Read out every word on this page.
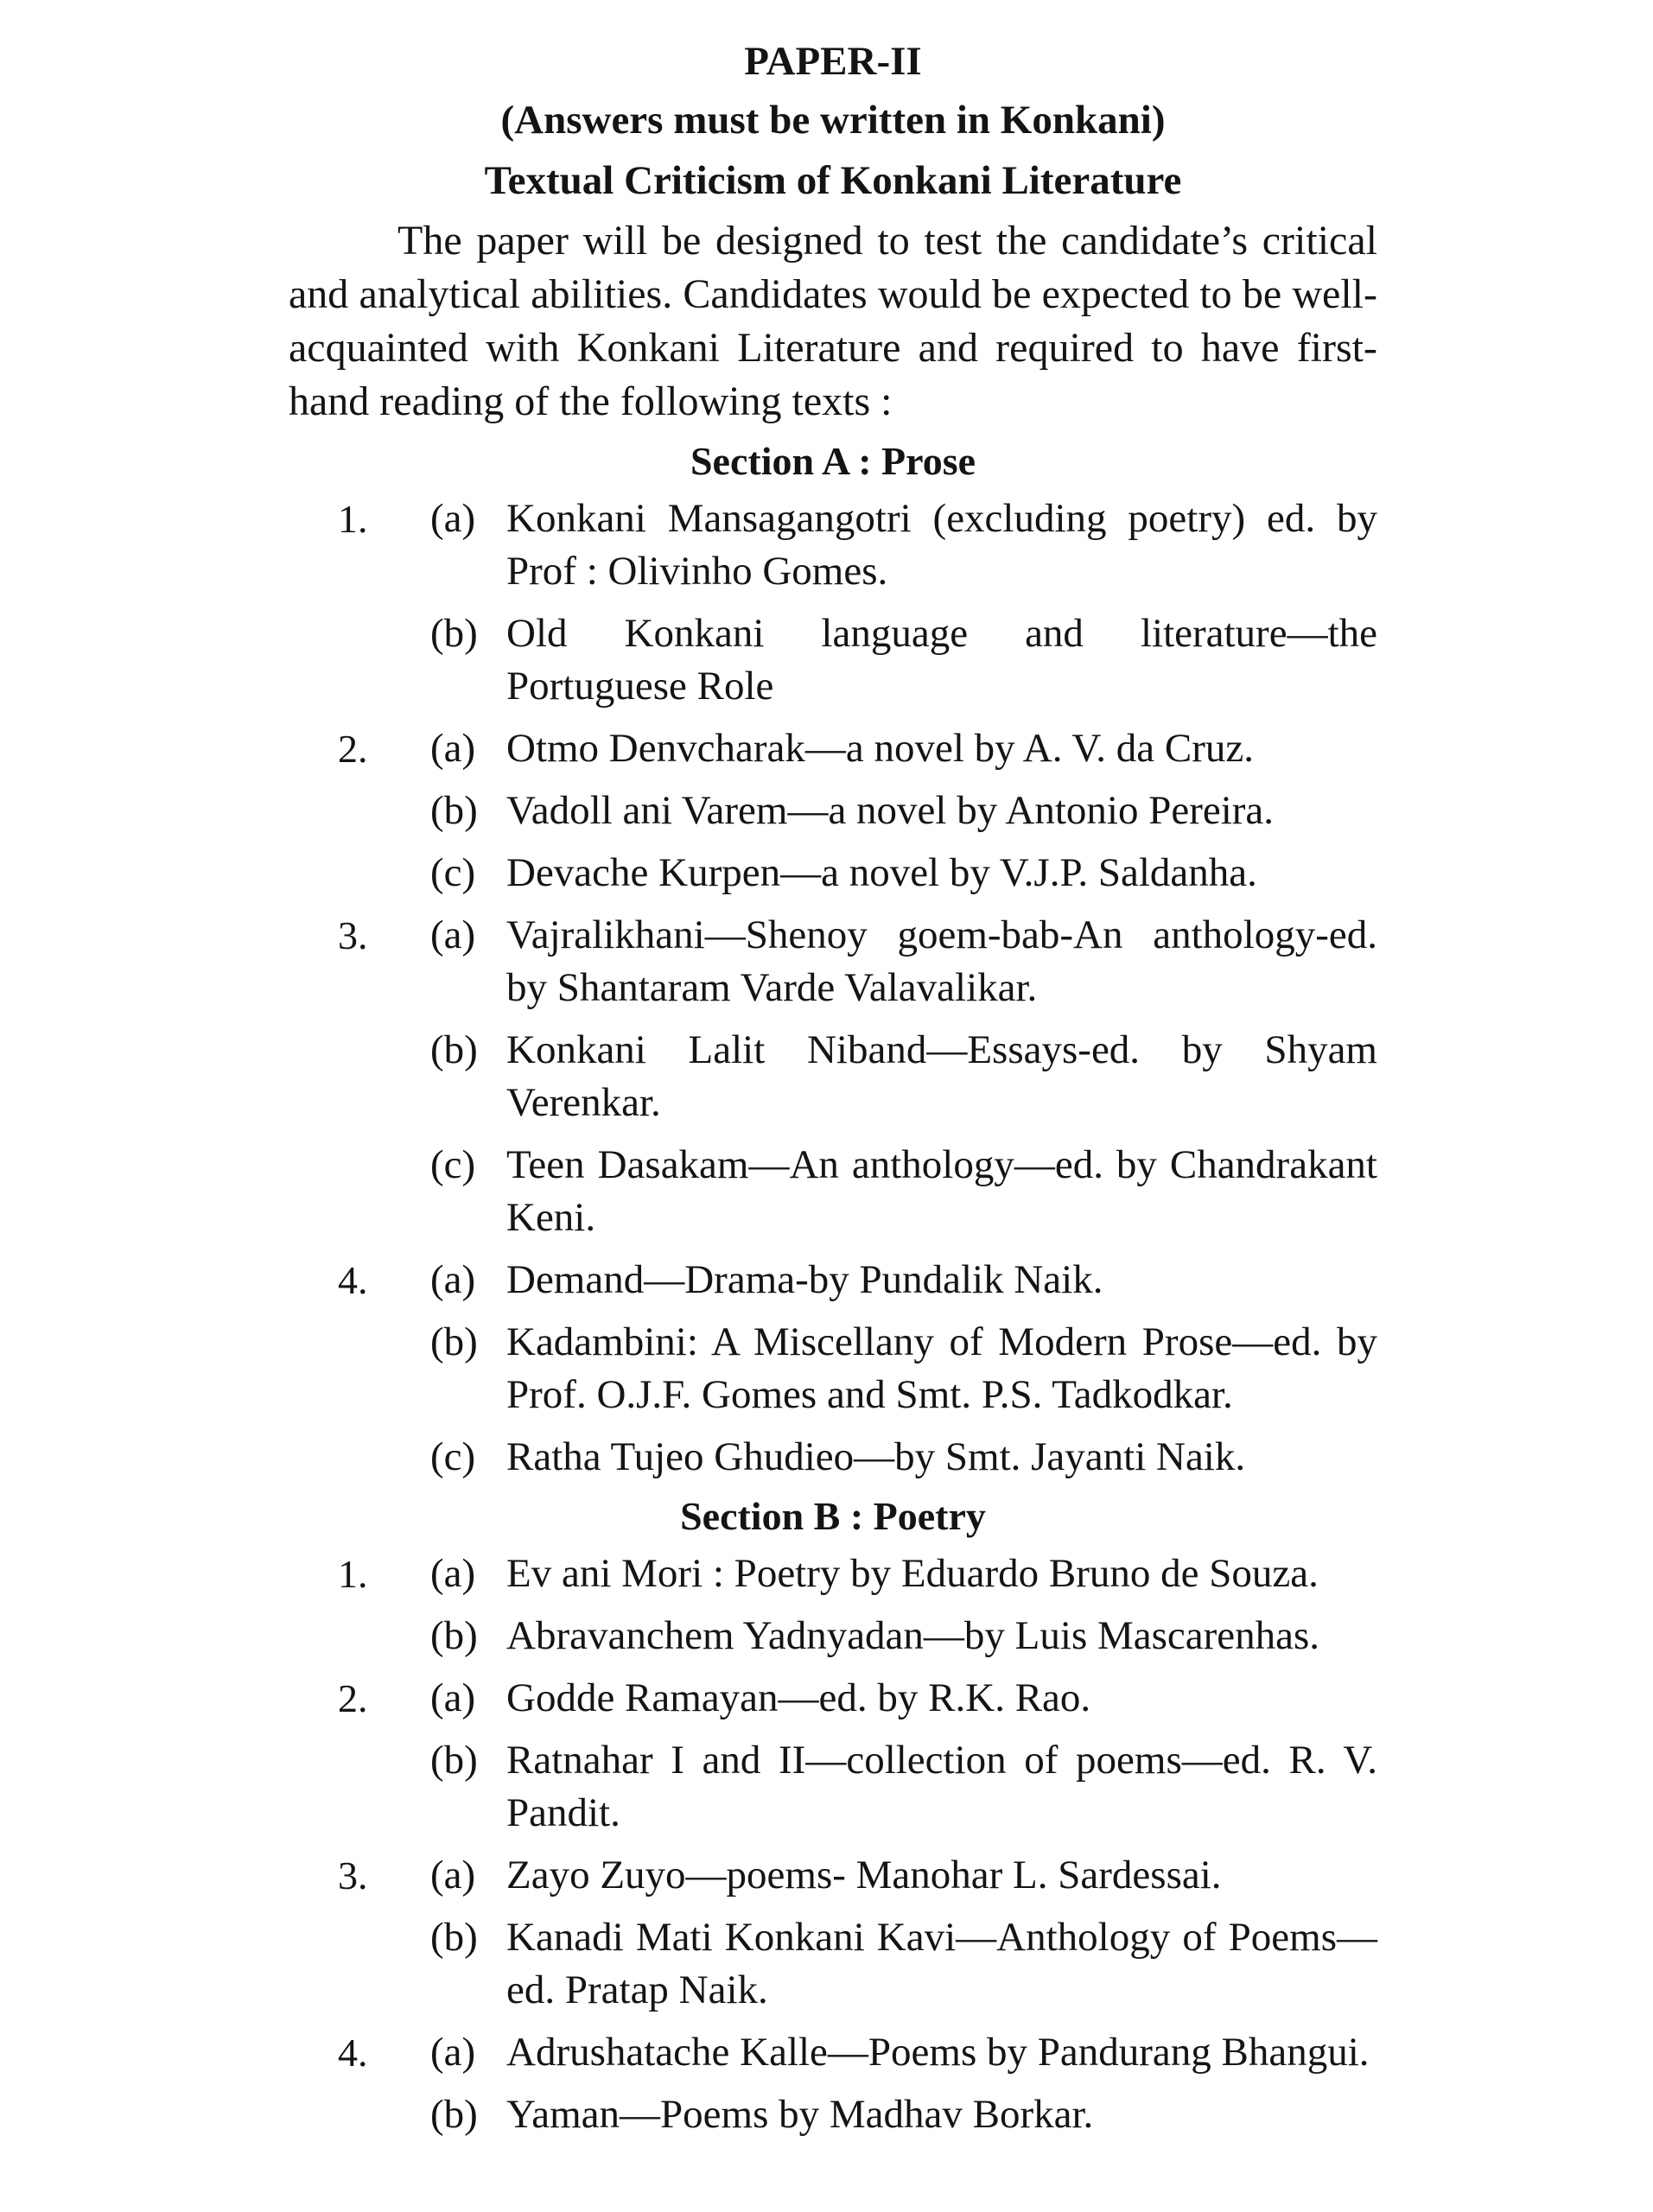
PAPER-II

(Answers must be written in Konkani)

Textual Criticism of Konkani Literature

The paper will be designed to test the candidate’s critical and analytical abilities. Candidates would be expected to be well-acquainted with Konkani Literature and required to have first-hand reading of the following texts :
Section A : Prose
1. (a) Konkani Mansagangotri (excluding poetry) ed. by Prof : Olivinho Gomes.
(b) Old Konkani language and literature—the Portuguese Role
2. (a) Otmo Denvcharak—a novel by A. V. da Cruz.
(b) Vadoll ani Varem—a novel by Antonio Pereira.
(c) Devache Kurpen—a novel by V.J.P. Saldanha.
3. (a) Vajralikhani—Shenoy goem-bab-An anthology-ed. by Shantaram Varde Valavalikar.
(b) Konkani Lalit Niband—Essays-ed. by Shyam Verenkar.
(c) Teen Dasakam—An anthology—ed. by Chandrakant Keni.
4. (a) Demand—Drama-by Pundalik Naik.
(b) Kadambini: A Miscellany of Modern Prose—ed. by Prof. O.J.F. Gomes and Smt. P.S. Tadkodkar.
(c) Ratha Tujeo Ghudieo—by Smt. Jayanti Naik.
Section B : Poetry
1. (a) Ev ani Mori : Poetry by Eduardo Bruno de Souza.
(b) Abravanchem Yadnyadan—by Luis Mascarenhas.
2. (a) Godde Ramayan—ed. by R.K. Rao.
(b) Ratnahar I and II—collection of poems—ed. R. V. Pandit.
3. (a) Zayo Zuyo—poems- Manohar L. Sardessai.
(b) Kanadi Mati Konkani Kavi—Anthology of Poems—ed. Pratap Naik.
4. (a) Adrushatache Kalle—Poems by Pandurang Bhangui.
(b) Yaman—Poems by Madhav Borkar.
